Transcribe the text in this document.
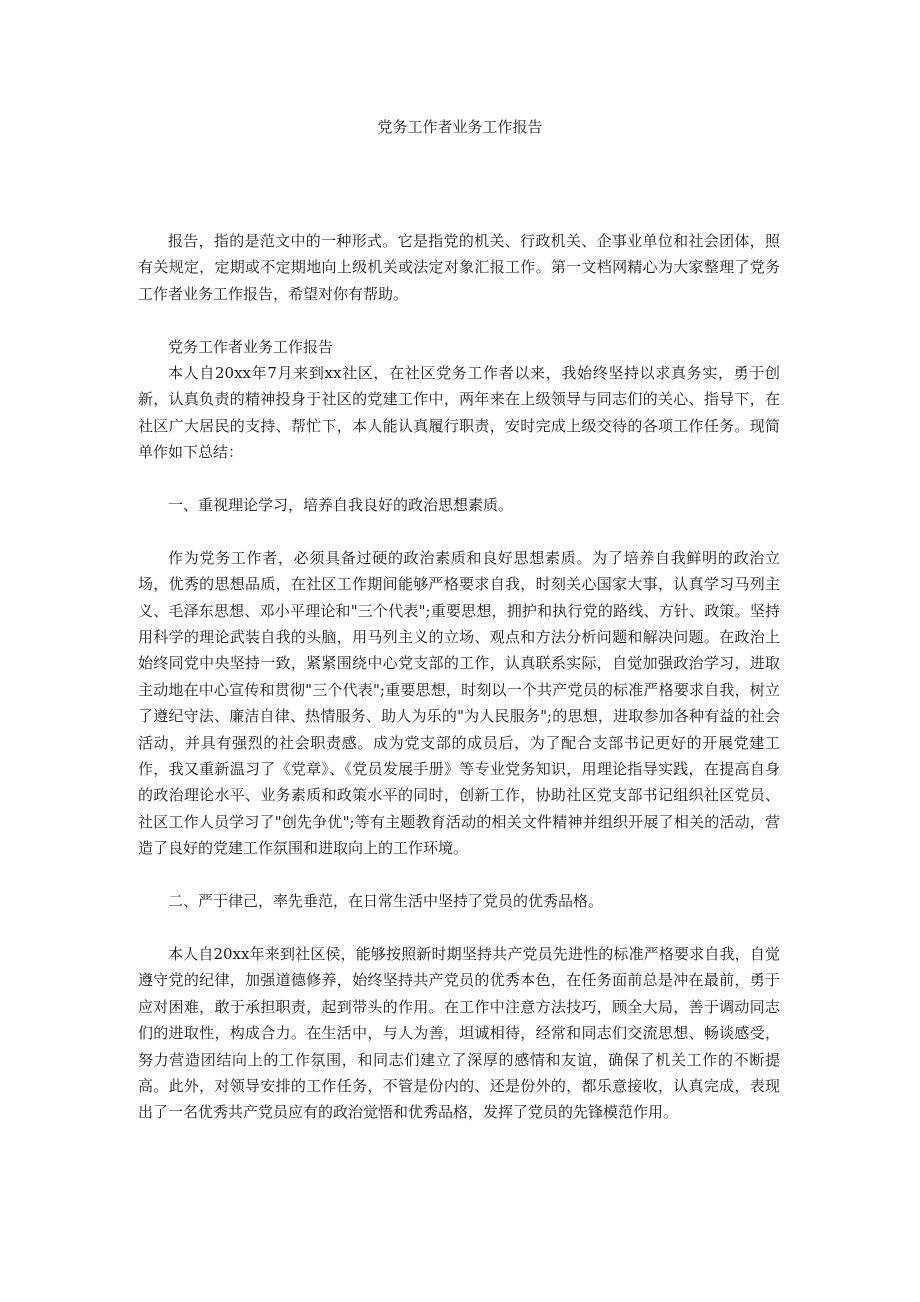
党务工作者业务工作报告

报告，指的是范文中的一种形式。它是指党的机关、行政机关、企事业单位和社会团体，照有关规定，定期或不定期地向上级机关或法定对象汇报工作。第一文档网精心为大家整理了党务工作者业务工作报告，希望对你有帮助。

党务工作者业务工作报告

本人自20xx年7月来到xx社区，在社区党务工作者以来，我始终坚持以求真务实，勇于创新，认真负责的精神投身于社区的党建工作中，两年来在上级领导与同志们的关心、指导下，在社区广大居民的支持、帮忙下，本人能认真履行职责，安时完成上级交待的各项工作任务。现简单作如下总结：

一、重视理论学习，培养自我良好的政治思想素质。

作为党务工作者，必须具备过硬的政治素质和良好思想素质。为了培养自我鲜明的政治立场，优秀的思想品质，在社区工作期间能够严格要求自我，时刻关心国家大事，认真学习马列主义、毛泽东思想、邓小平理论和"三个代表";重要思想，拥护和执行党的路线、方针、政策。坚持用科学的理论武装自我的头脑，用马列主义的立场、观点和方法分析问题和解决问题。在政治上始终同党中央坚持一致，紧紧围绕中心党支部的工作，认真联系实际，自觉加强政治学习，进取主动地在中心宣传和贯彻"三个代表";重要思想，时刻以一个共产党员的标准严格要求自我，树立了遵纪守法、廉洁自律、热情服务、助人为乐的"为人民服务";的思想，进取参加各种有益的社会活动，并具有强烈的社会职责感。成为党支部的成员后，为了配合支部书记更好的开展党建工作，我又重新温习了《党章》、《党员发展手册》等专业党务知识，用理论指导实践，在提高自身的政治理论水平、业务素质和政策水平的同时，创新工作，协助社区党支部书记组织社区党员、社区工作人员学习了"创先争优";等有主题教育活动的相关文件精神并组织开展了相关的活动，营造了良好的党建工作氛围和进取向上的工作环境。

二、严于律己，率先垂范，在日常生活中坚持了党员的优秀品格。

本人自20xx年来到社区侯，能够按照新时期坚持共产党员先进性的标准严格要求自我，自觉遵守党的纪律，加强道德修养，始终坚持共产党员的优秀本色，在任务面前总是冲在最前，勇于应对困难，敢于承担职责，起到带头的作用。在工作中注意方法技巧，顾全大局，善于调动同志们的进取性，构成合力。在生活中，与人为善，坦诚相待，经常和同志们交流思想、畅谈感受，努力营造团结向上的工作氛围，和同志们建立了深厚的感情和友谊，确保了机关工作的不断提高。此外，对领导安排的工作任务，不管是份内的、还是份外的，都乐意接收，认真完成，表现出了一名优秀共产党员应有的政治觉悟和优秀品格，发挥了党员的先锋模范作用。
